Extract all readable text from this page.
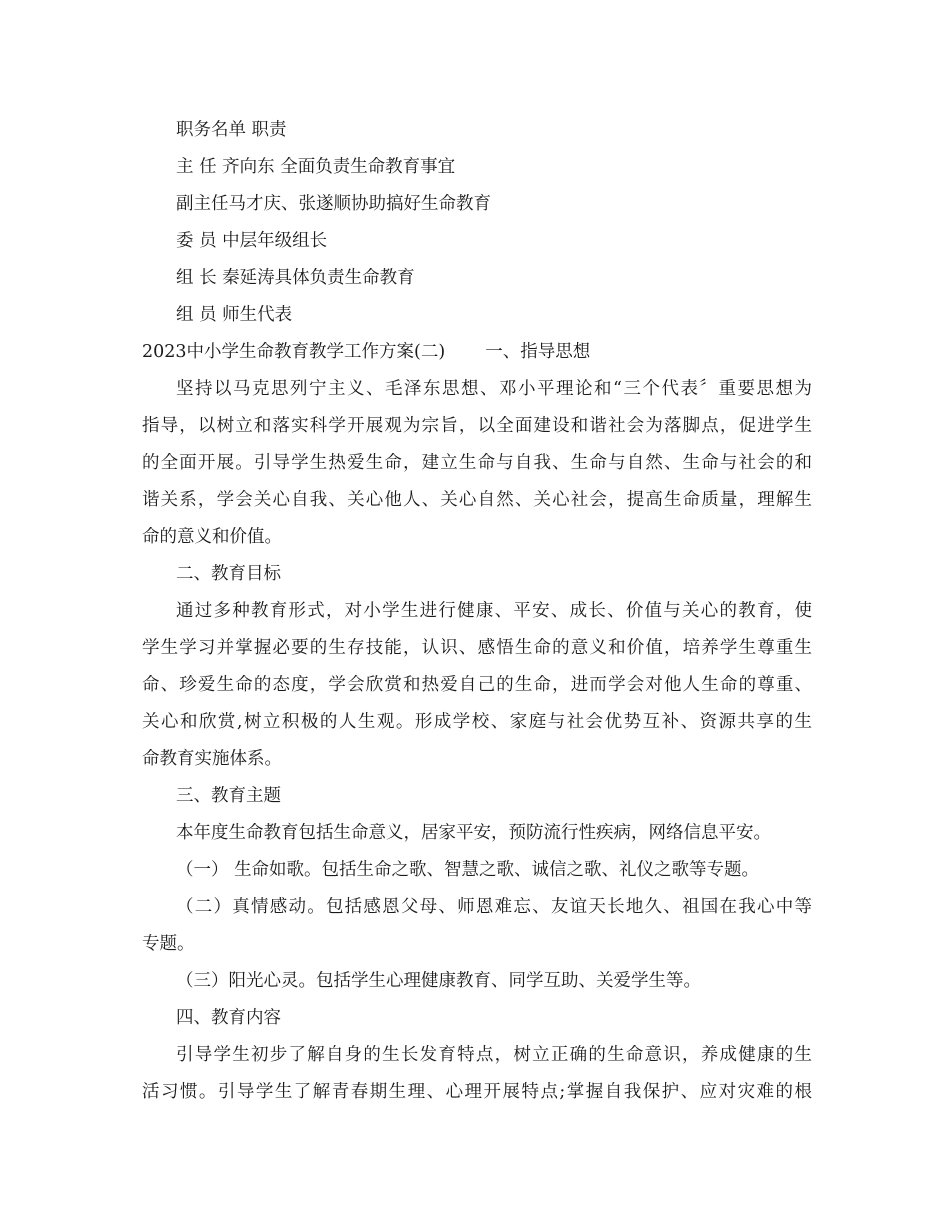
职务名单 职责
主 任 齐向东 全面负责生命教育事宜
副主任马才庆、张遂顺协助搞好生命教育
委 员 中层年级组长
组 长 秦延涛具体负责生命教育
组 员 师生代表
2023中小学生命教育教学工作方案(二) 一、指导思想
坚持以马克思列宁主义、毛泽东思想、邓小平理论和“三个代表〞重要思想为
指导，以树立和落实科学开展观为宗旨，以全面建设和谐社会为落脚点，促进学生
的全面开展。引导学生热爱生命，建立生命与自我、生命与自然、生命与社会的和
谐关系，学会关心自我、关心他人、关心自然、关心社会，提高生命质量，理解生
命的意义和价值。
二、教育目标
通过多种教育形式，对小学生进行健康、平安、成长、价值与关心的教育，使
学生学习并掌握必要的生存技能，认识、感悟生命的意义和价值，培养学生尊重生
命、珍爱生命的态度，学会欣赏和热爱自己的生命，进而学会对他人生命的尊重、
关心和欣赏,树立积极的人生观。形成学校、家庭与社会优势互补、资源共享的生
命教育实施体系。
三、教育主题
本年度生命教育包括生命意义，居家平安，预防流行性疾病，网络信息平安。
（一） 生命如歌。包括生命之歌、智慧之歌、诚信之歌、礼仪之歌等专题。
（二）真情感动。包括感恩父母、师恩难忘、友谊天长地久、祖国在我心中等
专题。
（三）阳光心灵。包括学生心理健康教育、同学互助、关爱学生等。
四、教育内容
引导学生初步了解自身的生长发育特点，树立正确的生命意识，养成健康的生
活习惯。引导学生了解青春期生理、心理开展特点;掌握自我保护、应对灾难的根
